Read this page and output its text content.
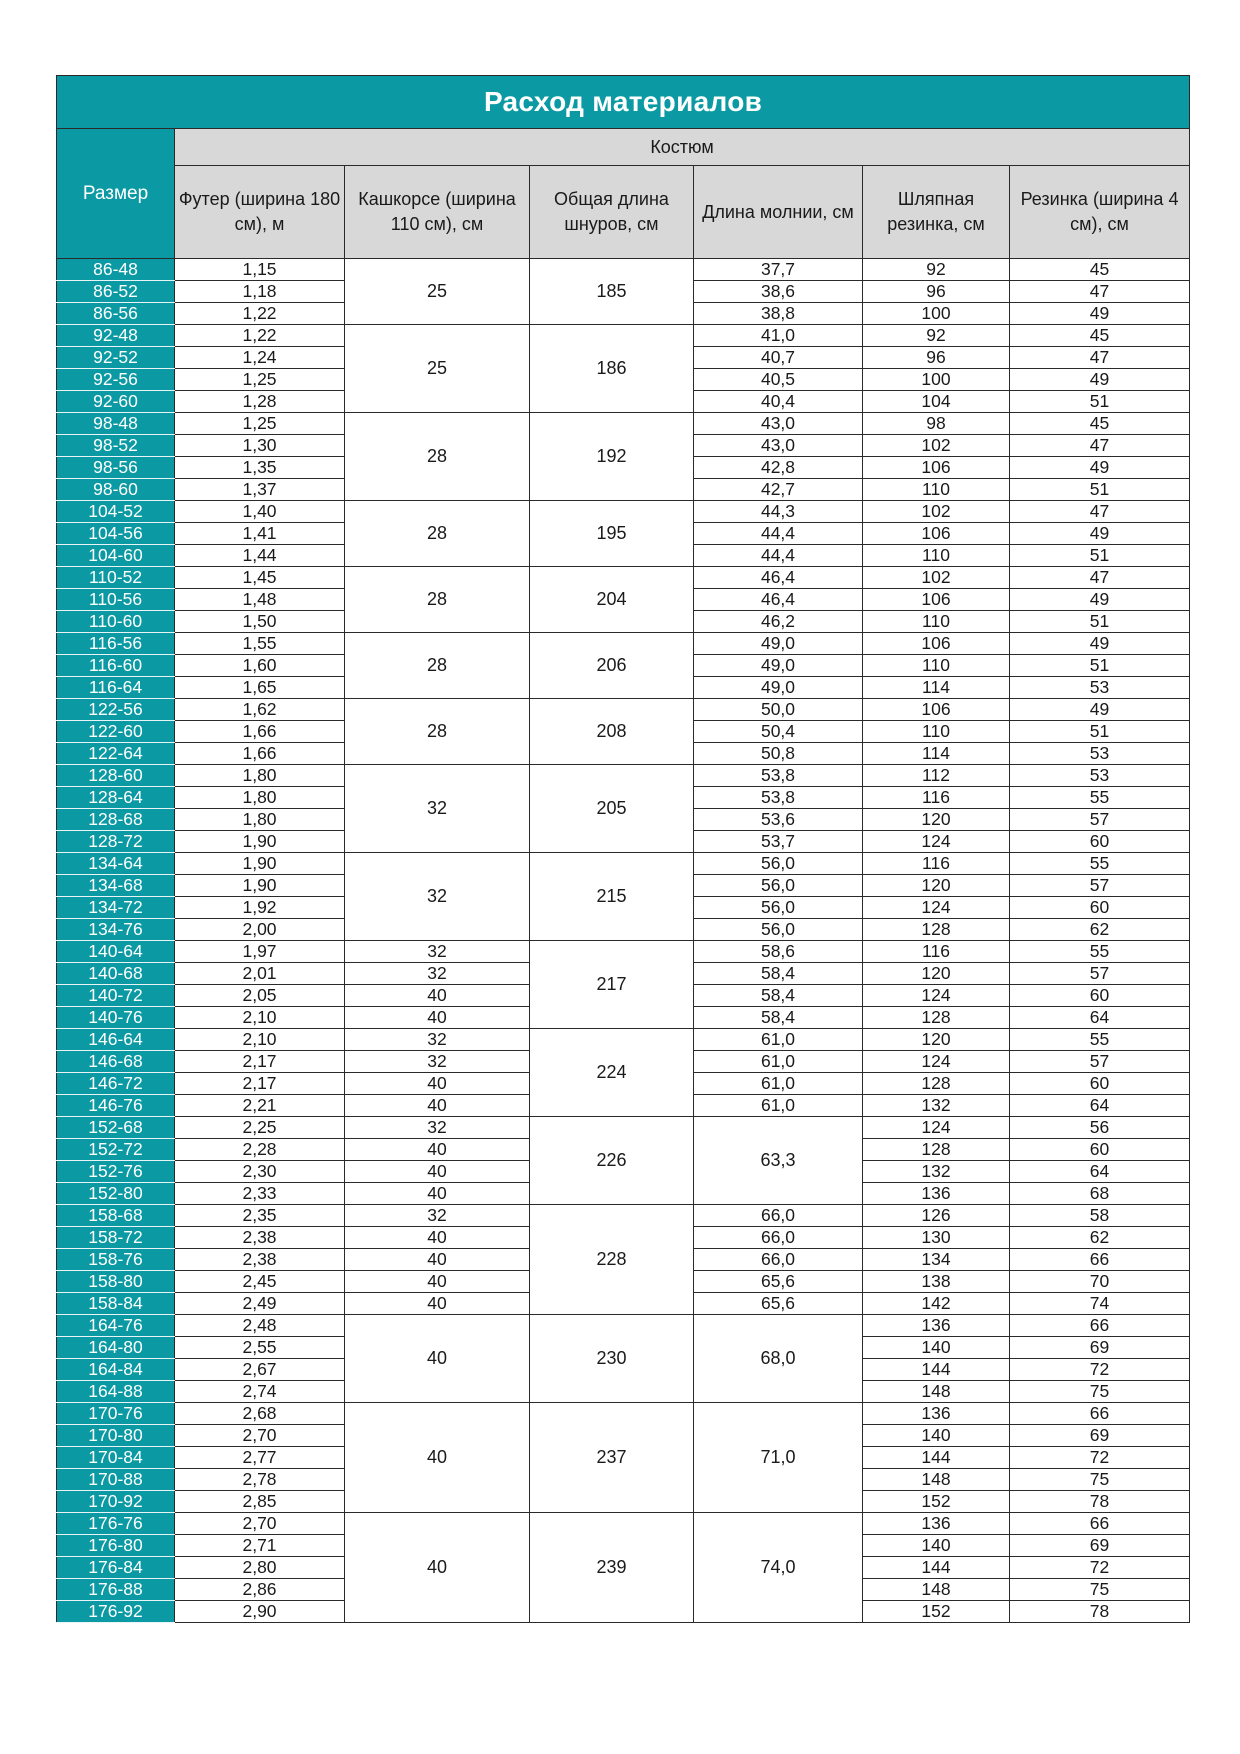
Расход материалов						
Размер	Костюм					
	Футер (ширина 180 см), м	Кашкорсе (ширина 110 см), см	Общая длина шнуров, см	Длина молнии, см	Шляпная резинка, см	Резинка (ширина 4 см), см
86-48	1,15	25	185	37,7	92	45
86-52	1,18			38,6	96	47
86-56	1,22			38,8	100	49
92-48	1,22	25	186	41,0	92	45
92-52	1,24			40,7	96	47
92-56	1,25			40,5	100	49
92-60	1,28			40,4	104	51
98-48	1,25	28	192	43,0	98	45
98-52	1,30			43,0	102	47
98-56	1,35			42,8	106	49
98-60	1,37			42,7	110	51
104-52	1,40	28	195	44,3	102	47
104-56	1,41			44,4	106	49
104-60	1,44			44,4	110	51
110-52	1,45	28	204	46,4	102	47
110-56	1,48			46,4	106	49
110-60	1,50			46,2	110	51
116-56	1,55	28	206	49,0	106	49
116-60	1,60			49,0	110	51
116-64	1,65			49,0	114	53
122-56	1,62	28	208	50,0	106	49
122-60	1,66			50,4	110	51
122-64	1,66			50,8	114	53
128-60	1,80	32	205	53,8	112	53
128-64	1,80			53,8	116	55
128-68	1,80			53,6	120	57
128-72	1,90			53,7	124	60
134-64	1,90	32	215	56,0	116	55
134-68	1,90			56,0	120	57
134-72	1,92			56,0	124	60
134-76	2,00			56,0	128	62
140-64	1,97	32	217	58,6	116	55
140-68	2,01	32		58,4	120	57
140-72	2,05	40		58,4	124	60
140-76	2,10	40		58,4	128	64
146-64	2,10	32	224	61,0	120	55
146-68	2,17	32		61,0	124	57
146-72	2,17	40		61,0	128	60
146-76	2,21	40		61,0	132	64
152-68	2,25	32	226	63,3	124	56
152-72	2,28	40			128	60
152-76	2,30	40			132	64
152-80	2,33	40			136	68
158-68	2,35	32	228	66,0	126	58
158-72	2,38	40		66,0	130	62
158-76	2,38	40		66,0	134	66
158-80	2,45	40		65,6	138	70
158-84	2,49	40		65,6	142	74
164-76	2,48	40	230	68,0	136	66
164-80	2,55				140	69
164-84	2,67				144	72
164-88	2,74				148	75
170-76	2,68	40	237	71,0	136	66
170-80	2,70				140	69
170-84	2,77				144	72
170-88	2,78				148	75
170-92	2,85				152	78
176-76	2,70	40	239	74,0	136	66
176-80	2,71				140	69
176-84	2,80				144	72
176-88	2,86				148	75
176-92	2,90				152	78
